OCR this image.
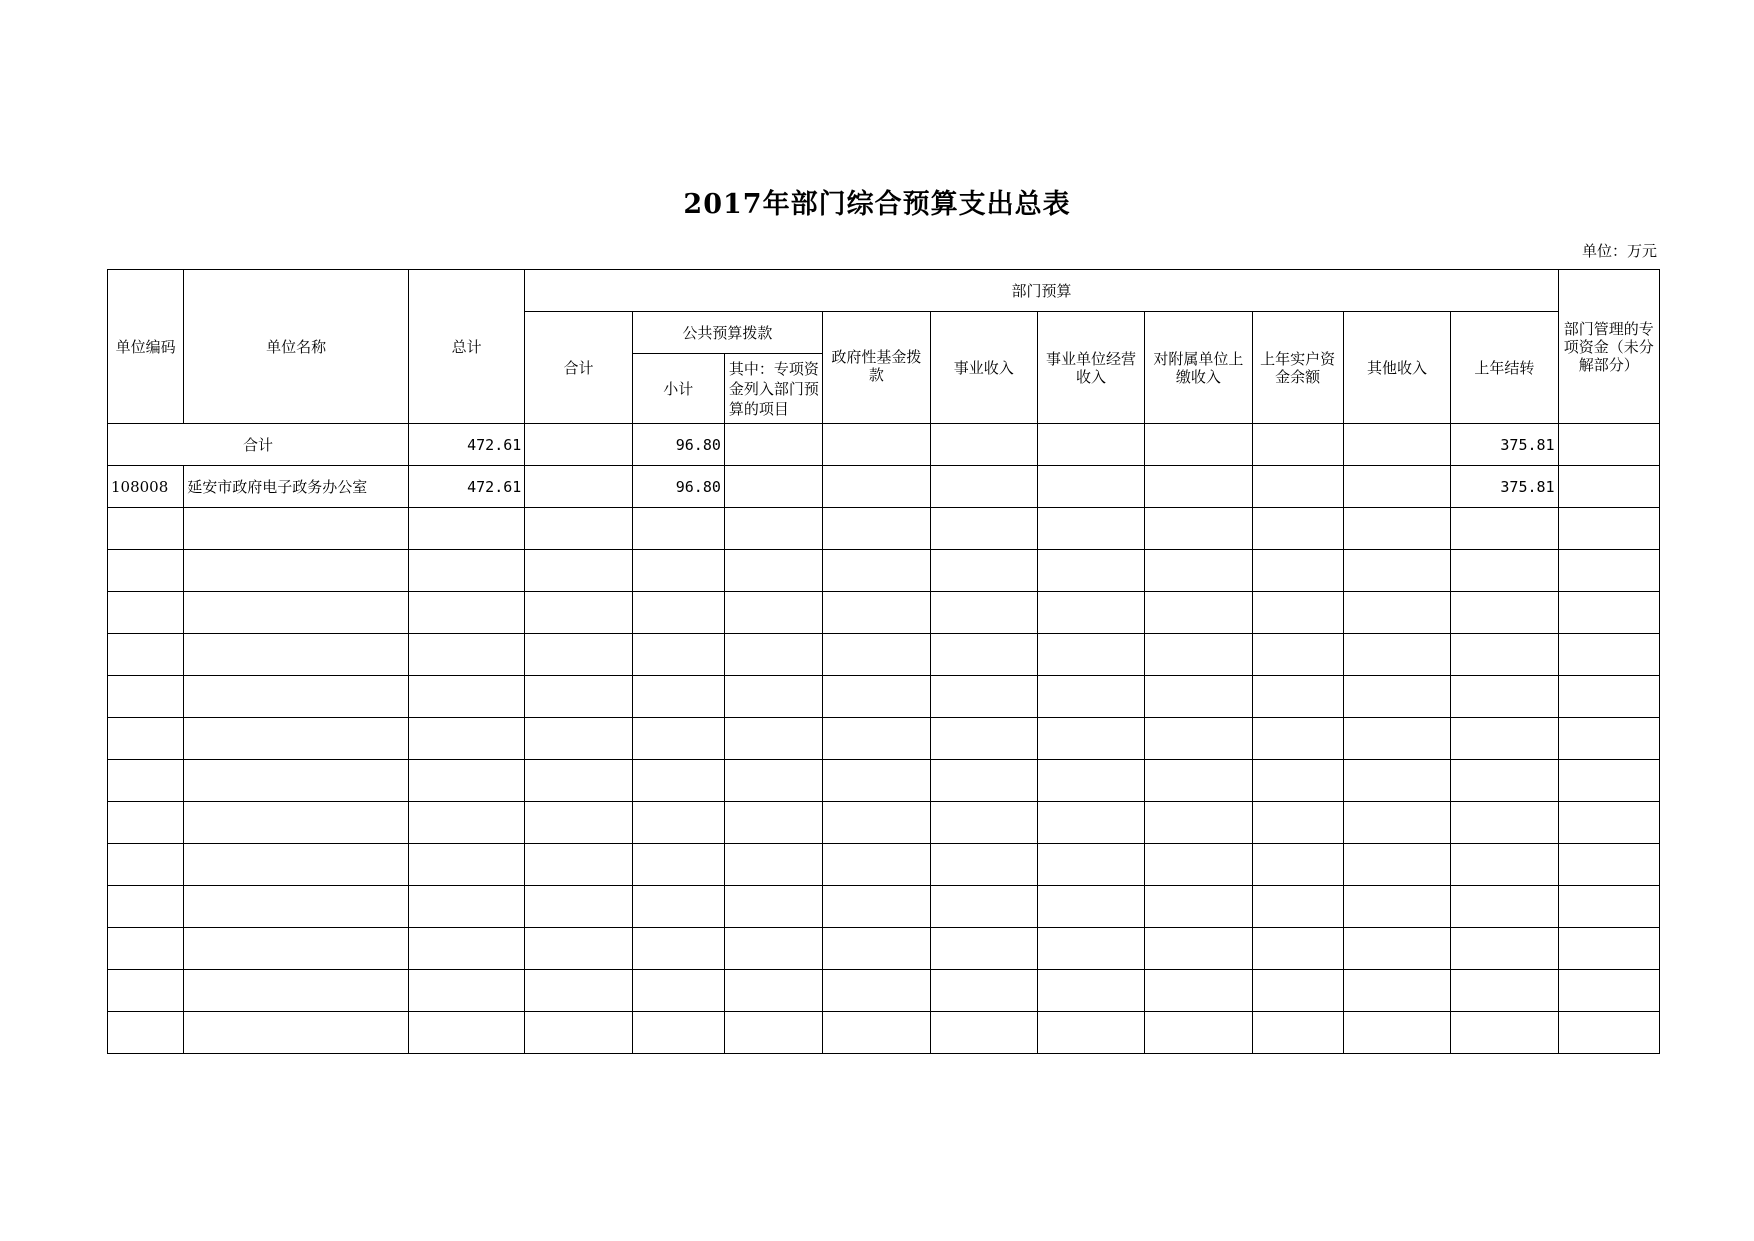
2017年部门综合预算支出总表
单位：万元
单位编码	单位名称	总计	部门预算										部门管理的专项资金（未分解部分）
			合计	公共预算拨款		政府性基金拨款	事业收入	事业单位经营收入	对附属单位上缴收入	上年实户资金余额	其他收入	上年结转	
				小计	其中：专项资金列入部门预算的项目								

合计		472.61		96.80								375.81	
108008	延安市政府电子政务办公室	472.61		96.80								375.81	
